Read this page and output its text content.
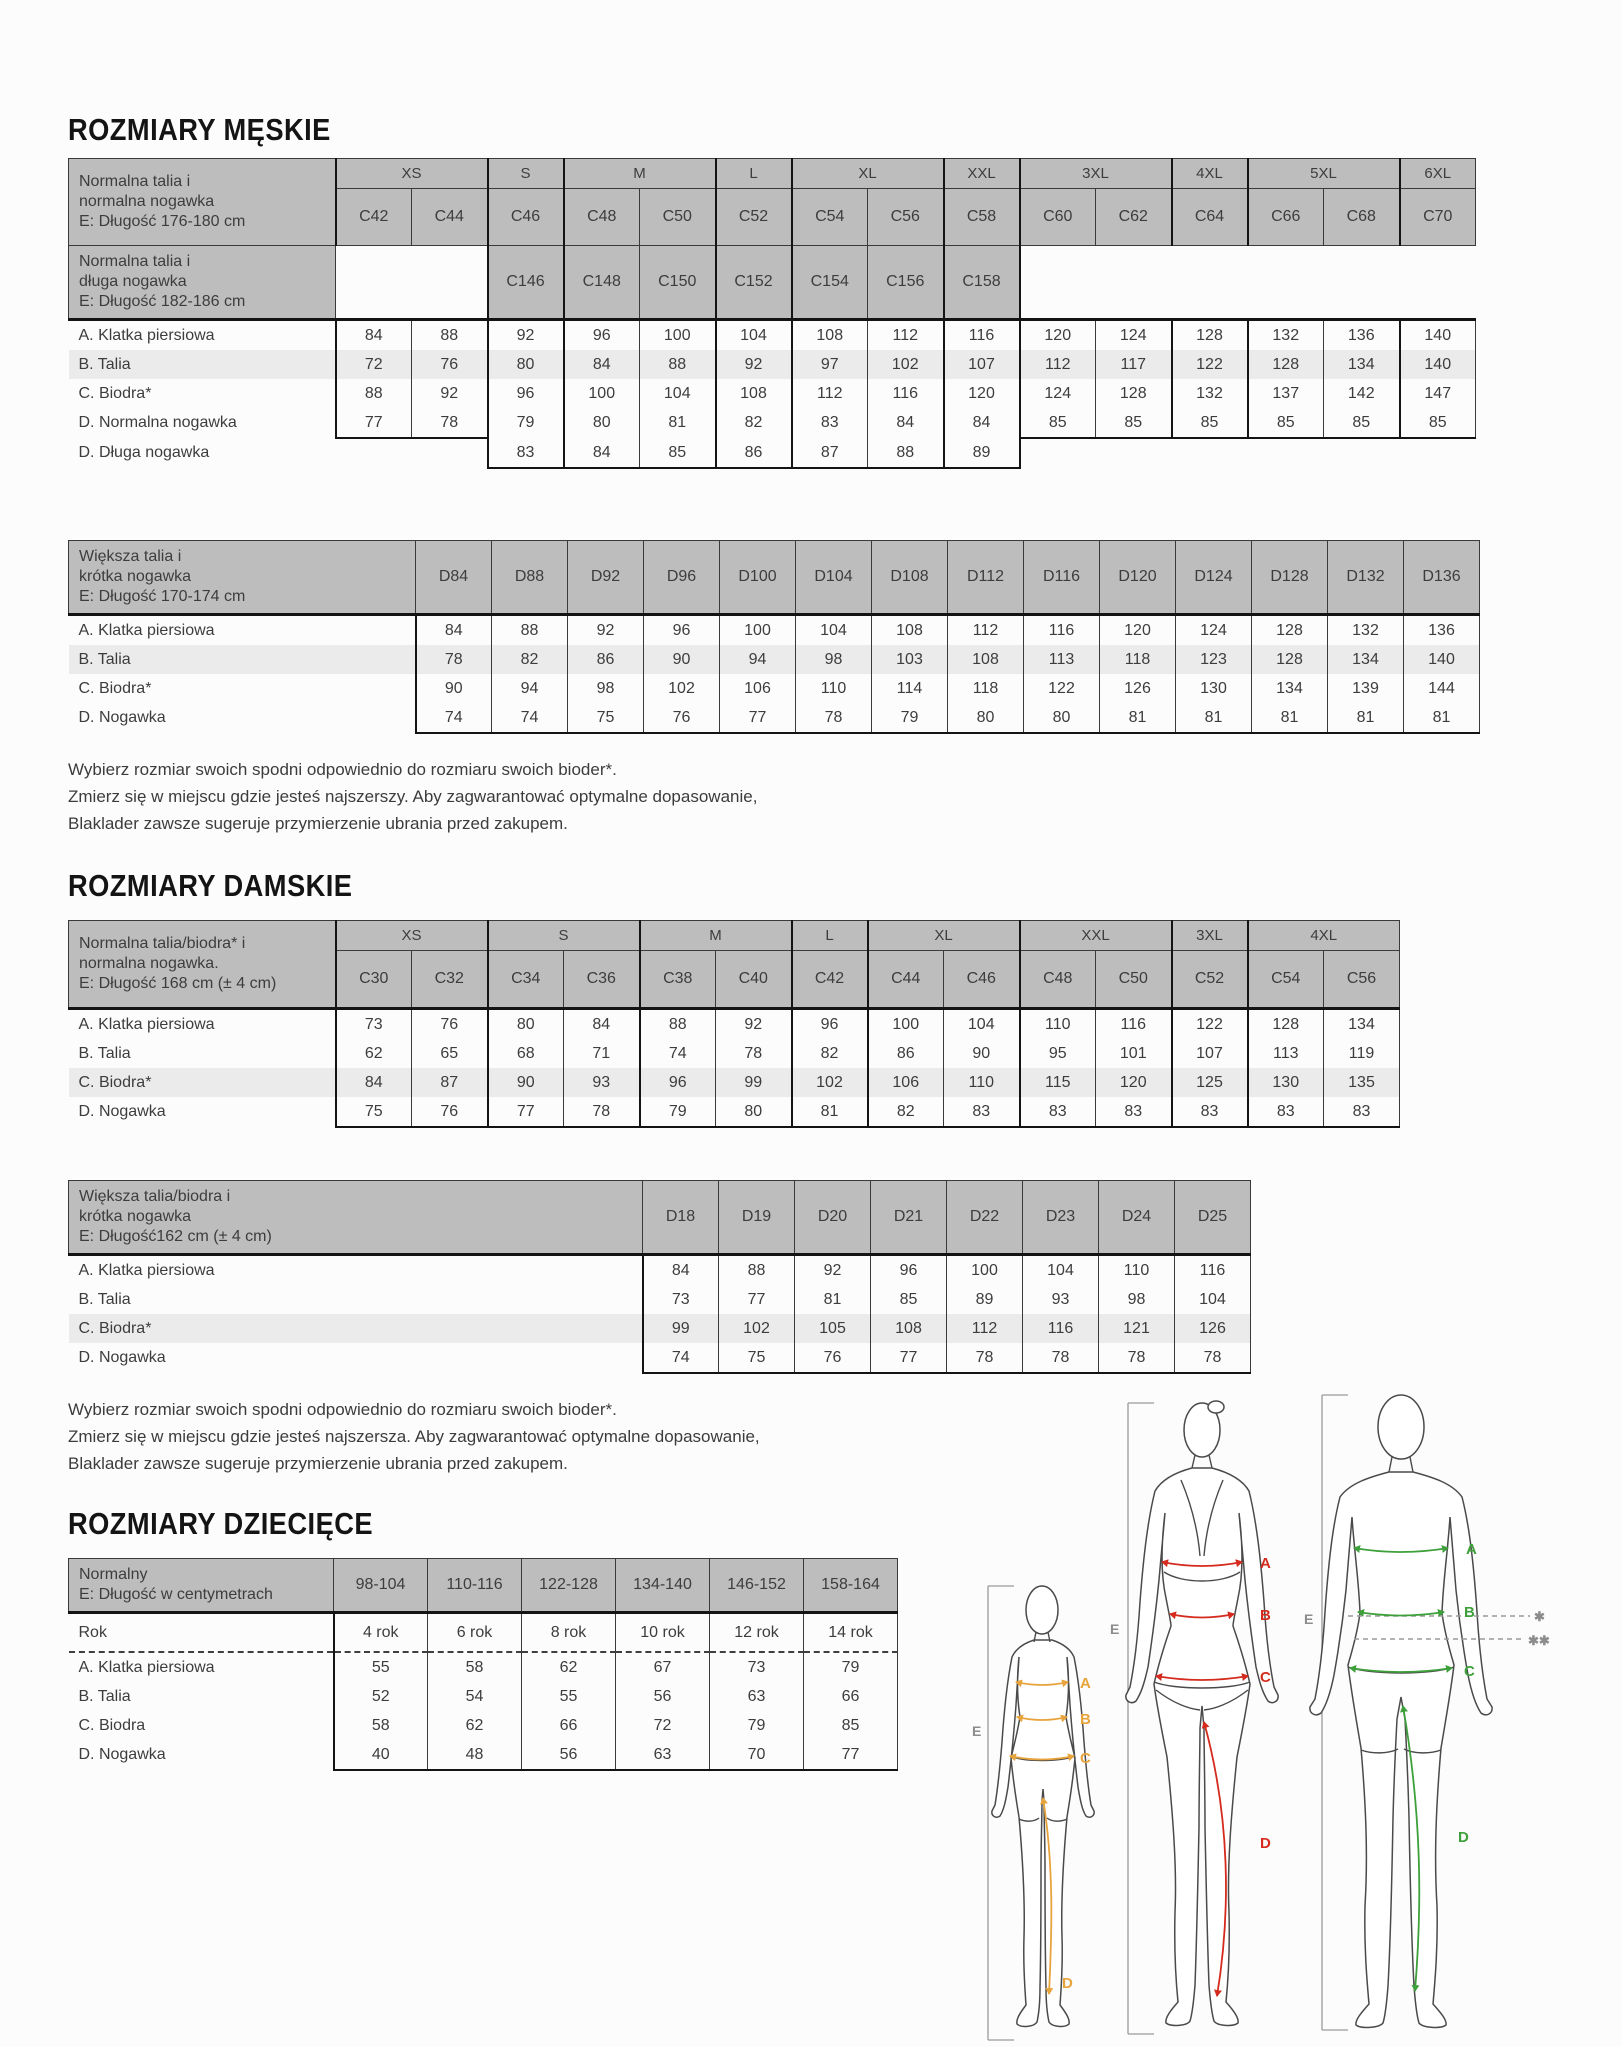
ROZMIARY MĘSKIE
Normalna talia i
normalna nogawka
E: Długość 176-180 cm	XS		S	M		L	XL		XXL	3XL		4XL	5XL		6XL
	C42	C44	C46	C48	C50	C52	C54	C56	C58	C60	C62	C64	C66	C68	C70

Normalna talia i
długa nogawka
E: Długość 182-186 cm			C146	C148	C150	C152	C154	C156	C158						
A. Klatka piersiowa	84	88	92	96	100	104	108	112	116	120	124	128	132	136	140
B. Talia	72	76	80	84	88	92	97	102	107	112	117	122	128	134	140
C. Biodra*	88	92	96	100	104	108	112	116	120	124	128	132	137	142	147
D. Normalna nogawka	77	78	79	80	81	82	83	84	84	85	85	85	85	85	85
D. Długa nogawka			83	84	85	86	87	88	89						
Większa talia i
krótka nogawka
E: Długość 170-174 cm	D84	D88	D92	D96	D100	D104	D108	D112	D116	D120	D124	D128	D132	D136
A. Klatka piersiowa	84	88	92	96	100	104	108	112	116	120	124	128	132	136
B. Talia	78	82	86	90	94	98	103	108	113	118	123	128	134	140
C. Biodra*	90	94	98	102	106	110	114	118	122	126	130	134	139	144
D. Nogawka	74	74	75	76	77	78	79	80	80	81	81	81	81	81
Wybierz rozmiar swoich spodni odpowiednio do rozmiaru swoich bioder*.
Zmierz się w miejscu gdzie jesteś najszerszy. Aby zagwarantować optymalne dopasowanie,
Blaklader zawsze sugeruje przymierzenie ubrania przed zakupem.
ROZMIARY DAMSKIE
Normalna talia/biodra* i
normalna nogawka.
E: Długość 168 cm (± 4 cm)	XS		S		M		L	XL		XXL		3XL	4XL	
	C30	C32	C34	C36	C38	C40	C42	C44	C46	C48	C50	C52	C54	C56
A. Klatka piersiowa	73	76	80	84	88	92	96	100	104	110	116	122	128	134
B. Talia	62	65	68	71	74	78	82	86	90	95	101	107	113	119
C. Biodra*	84	87	90	93	96	99	102	106	110	115	120	125	130	135
D. Nogawka	75	76	77	78	79	80	81	82	83	83	83	83	83	83
Większa talia/biodra i
krótka nogawka
E: Długość162 cm (± 4 cm)	D18	D19	D20	D21	D22	D23	D24	D25
A. Klatka piersiowa	84	88	92	96	100	104	110	116
B. Talia	73	77	81	85	89	93	98	104
C. Biodra*	99	102	105	108	112	116	121	126
D. Nogawka	74	75	76	77	78	78	78	78
Wybierz rozmiar swoich spodni odpowiednio do rozmiaru swoich bioder*.
Zmierz się w miejscu gdzie jesteś najszersza. Aby zagwarantować optymalne dopasowanie,
Blaklader zawsze sugeruje przymierzenie ubrania przed zakupem.
ROZMIARY DZIECIĘCE
Normalny
E: Długość w centymetrach	98-104	110-116	122-128	134-140	146-152	158-164
Rok	4 rok	6 rok	8 rok	10 rok	12 rok	14 rok
A. Klatka piersiowa	55	58	62	67	73	79
B. Talia	52	54	55	56	63	66
C. Biodra	58	62	66	72	79	85
D. Nogawka	40	48	56	63	70	77
E
A
B
C
D
E
A
B
C
D
E	✱
✱✱
A
B
C
D
